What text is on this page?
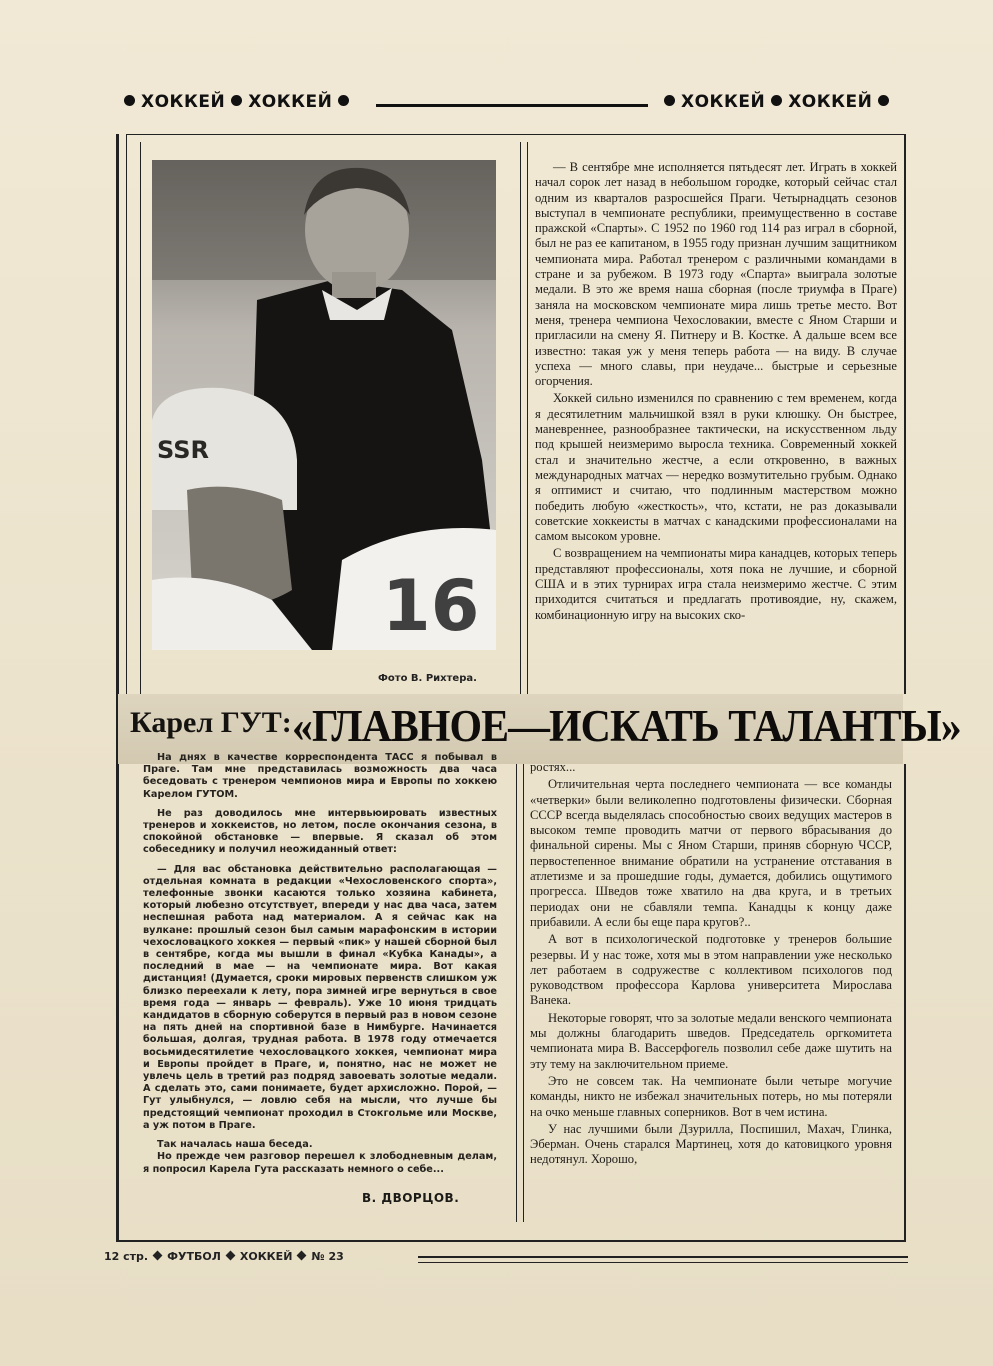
ХОККЕЙ ХОККЕЙ	ХОККЕЙ ХОККЕЙ
SSR
16
Фото В. Рихтера.

— В сентябре мне исполняется пятьдесят лет. Играть в хоккей начал сорок лет назад в небольшом городке, который сейчас стал одним из кварталов разросшейся Праги. Четырнадцать сезонов выступал в чемпионате республики, преимущественно в составе пражской «Спарты». С 1952 по 1960 год 114 раз играл в сборной, был не раз ее капитаном, в 1955 году признан лучшим защитником чемпионата мира. Работал тренером с различными командами в стране и за рубежом. В 1973 году «Спарта» выиграла золотые медали. В это же время наша сборная (после триумфа в Праге) заняла на московском чемпионате мира лишь третье место. Вот меня, тренера чемпиона Чехословакии, вместе с Яном Старши и пригласили на смену Я. Питнеру и В. Костке. А дальше всем все известно: такая уж у меня теперь работа — на виду. В случае успеха — много славы, при неудаче... быстрые и серьезные огорчения.

Хоккей сильно изменился по сравнению с тем временем, когда я десятилетним мальчишкой взял в руки клюшку. Он быстрее, маневреннее, разнообразнее тактически, на искусственном льду под крышей неизмеримо выросла техника. Современный хоккей стал и значительно жестче, а если откровенно, в важных международных матчах — нередко возмутительно грубым. Однако я оптимист и считаю, что подлинным мастерством можно победить любую «жесткость», что, кстати, не раз доказывали советские хоккеисты в матчах с канадскими профессионалами на самом высоком уровне.

С возвращением на чемпионаты мира канадцев, которых теперь представляют профессионалы, хотя пока не лучшие, и сборной США и в этих турнирах игра стала неизмеримо жестче. С этим приходится считаться и предлагать противоядие, ну, скажем, комбинационную игру на высоких ско-

Карел ГУТ: «ГЛАВНОЕ—ИСКАТЬ ТАЛАНТЫ»

На днях в качестве корреспондента ТАСС я побывал в Праге. Там мне представилась возможность два часа беседовать с тренером чемпионов мира и Европы по хоккею Карелом ГУТОМ.

Не раз доводилось мне интервьюировать известных тренеров и хоккеистов, но летом, после окончания сезона, в спокойной обстановке — впервые. Я сказал об этом собеседнику и получил неожиданный ответ:

— Для вас обстановка действительно располагающая — отдельная комната в редакции «Чехословенского спорта», телефонные звонки касаются только хозяина кабинета, который любезно отсутствует, впереди у нас два часа, затем неспешная работа над материалом. А я сейчас как на вулкане: прошлый сезон был самым марафонским в истории чехословацкого хоккея — первый «пик» у нашей сборной был в сентябре, когда мы вышли в финал «Кубка Канады», а последний в мае — на чемпионате мира. Вот какая дистанция! (Думается, сроки мировых первенств слишком уж близко переехали к лету, пора зимней игре вернуться в свое время года — январь — февраль). Уже 10 июня тридцать кандидатов в сборную соберутся в первый раз в новом сезоне на пять дней на спортивной базе в Нимбурге. Начинается большая, долгая, трудная работа. В 1978 году отмечается восьмидесятилетие чехословацкого хоккея, чемпионат мира и Европы пройдет в Праге, и, понятно, нас не может не увлечь цель в третий раз подряд завоевать золотые медали. А сделать это, сами понимаете, будет архисложно. Порой, — Гут улыбнулся, — ловлю себя на мысли, что лучше бы предстоящий чемпионат проходил в Стокгольме или Москве, а уж потом в Праге.

Так началась наша беседа.

Но прежде чем разговор перешел к злободневным делам, я попросил Карела Гута рассказать немного о себе...

В. ДВОРЦОВ.

ростях...

Отличительная черта последнего чемпионата — все команды «четверки» были великолепно подготовлены физически. Сборная СССР всегда выделялась способностью своих ведущих мастеров в высоком темпе проводить матчи от первого вбрасывания до финальной сирены. Мы с Яном Старши, приняв сборную ЧССР, первостепенное внимание обратили на устранение отставания в атлетизме и за прошедшие годы, думается, добились ощутимого прогресса. Шведов тоже хватило на два круга, и в третьих периодах они не сбавляли темпа. Канадцы к концу даже прибавили. А если бы еще пара кругов?..

А вот в психологической подготовке у тренеров большие резервы. И у нас тоже, хотя мы в этом направлении уже несколько лет работаем в содружестве с коллективом психологов под руководством профессора Карлова университета Мирослава Ванека.

Некоторые говорят, что за золотые медали венского чемпионата мы должны благодарить шведов. Председатель оргкомитета чемпионата мира В. Вассерфогель позволил себе даже шутить на эту тему на заключительном приеме.

Это не совсем так. На чемпионате были четыре могучие команды, никто не избежал значительных потерь, но мы потеряли на очко меньше главных соперников. Вот в чем истина.

У нас лучшими были Дзурилла, Поспишил, Махач, Глинка, Эберман. Очень старался Мартинец, хотя до катовицкого уровня недотянул. Хорошо,

12 стр. ФУТБОЛ ХОККЕЙ № 23
